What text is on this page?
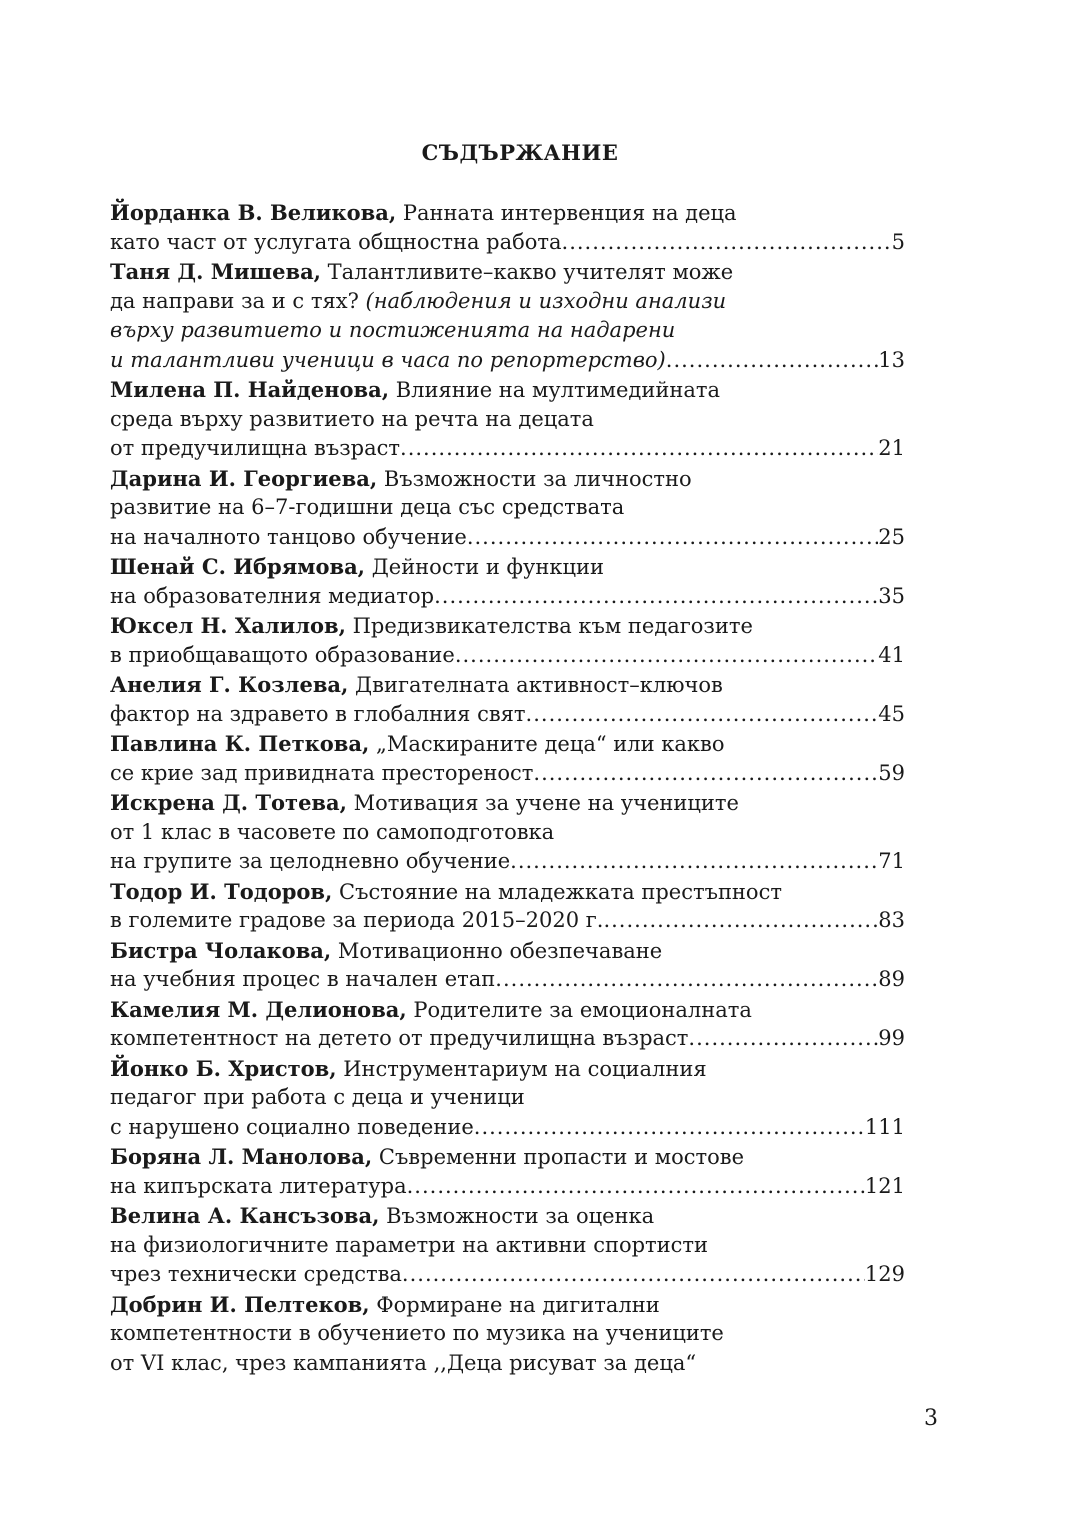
СЪДЪРЖАНИЕ
Йорданка В. Великова, Ранната интервенция на деца
като част от услугата общностна работа .....	5
Таня Д. Мишева, Талантливите–какво учителят може
да направи за и с тях? (наблюдения и изходни анализи
върху развитието и постиженията на надарени
и талантливи ученици в часа по репортерство) .....	13
Милена П. Найденова, Влияние на мултимедийната
среда върху развитието на речта на децата
от предучилищна възраст .....	21
Дарина И. Георгиева, Възможности за личностно
развитие на 6–7-годишни деца със средствата
на началното танцово обучение .....	25
Шенай С. Ибрямова, Дейности и функции
на образователния медиатор .....	35
Юксел Н. Халилов, Предизвикателства към педагозите
в приобщаващото образование .....	41
Анелия Г. Козлева, Двигателната активност–ключов
фактор на здравето в глобалния свят .....	45
Павлина К. Петкова, „Маскираните деца“ или какво
се крие зад привидната престореност .....	59
Искрена Д. Тотева, Мотивация за учене на учениците
от 1 клас в часовете по самоподготовка
на групите за целодневно обучение .....	71
Тодор И. Тодоров, Състояние на младежката престъпност
в големите градове за периода 2015–2020 г. .....	83
Бистра Чолакова, Мотивационно обезпечаване
на учебния процес в начален етап .....	89
Камелия М. Делионова, Родителите за емоционалната
компетентност на детето от предучилищна възраст .....	99
Йонко Б. Христов, Инструментариум на социалния
педагог при работа с деца и ученици
с нарушено социално поведение .....	111
Боряна Л. Манолова, Съвременни пропасти и мостове
на кипърската литература .....	121
Велина А. Кансъзова, Възможности за оценка
на физиологичните параметри на активни спортисти
чрез технически средства .....	129
Добрин И. Пелтеков, Формиране на дигитални
компетентности в обучението по музика на учениците
от VI клас, чрез кампанията ,,Деца рисуват за деца“
3
